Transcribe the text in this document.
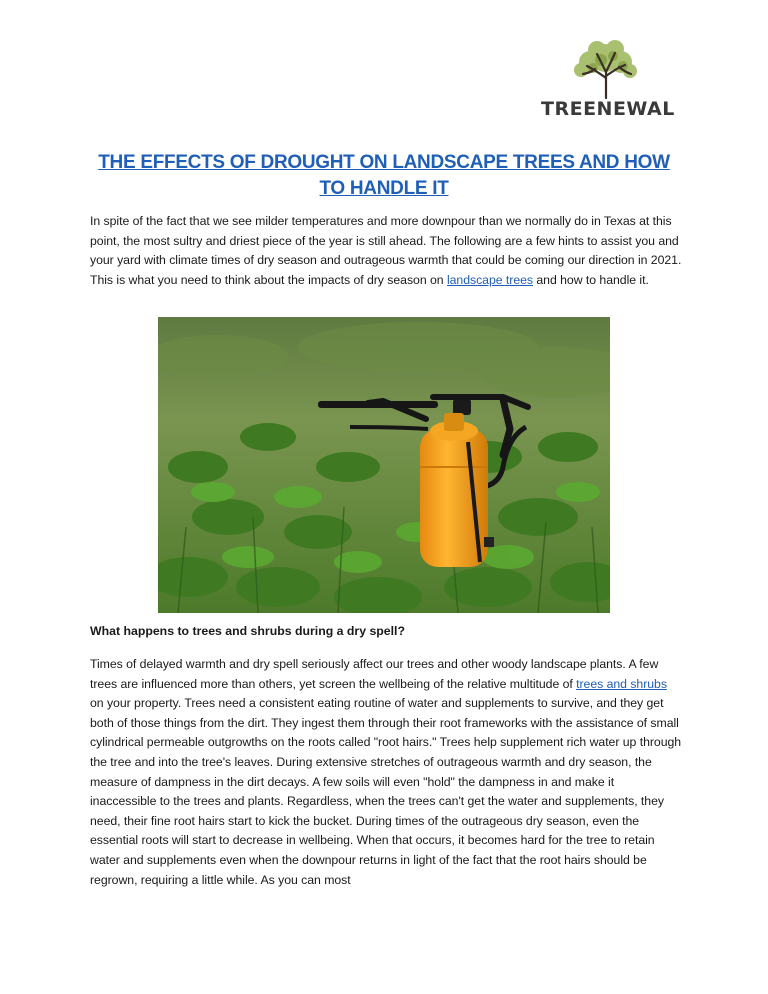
TREENEWAL
THE EFFECTS OF DROUGHT ON LANDSCAPE TREES AND HOW TO HANDLE IT

In spite of the fact that we see milder temperatures and more downpour than we normally do in Texas at this point, the most sultry and driest piece of the year is still ahead. The following are a few hints to assist you and your yard with climate times of dry season and outrageous warmth that could be coming our direction in 2021. This is what you need to think about the impacts of dry season on landscape trees and how to handle it.

What happens to trees and shrubs during a dry spell?

Times of delayed warmth and dry spell seriously affect our trees and other woody landscape plants. A few trees are influenced more than others, yet screen the wellbeing of the relative multitude of trees and shrubs on your property. Trees need a consistent eating routine of water and supplements to survive, and they get both of those things from the dirt. They ingest them through their root frameworks with the assistance of small cylindrical permeable outgrowths on the roots called "root hairs." Trees help supplement rich water up through the tree and into the tree's leaves. During extensive stretches of outrageous warmth and dry season, the measure of dampness in the dirt decays. A few soils will even "hold" the dampness in and make it inaccessible to the trees and plants. Regardless, when the trees can't get the water and supplements, they need, their fine root hairs start to kick the bucket. During times of the outrageous dry season, even the essential roots will start to decrease in wellbeing. When that occurs, it becomes hard for the tree to retain water and supplements even when the downpour returns in light of the fact that the root hairs should be regrown, requiring a little while. As you can most
